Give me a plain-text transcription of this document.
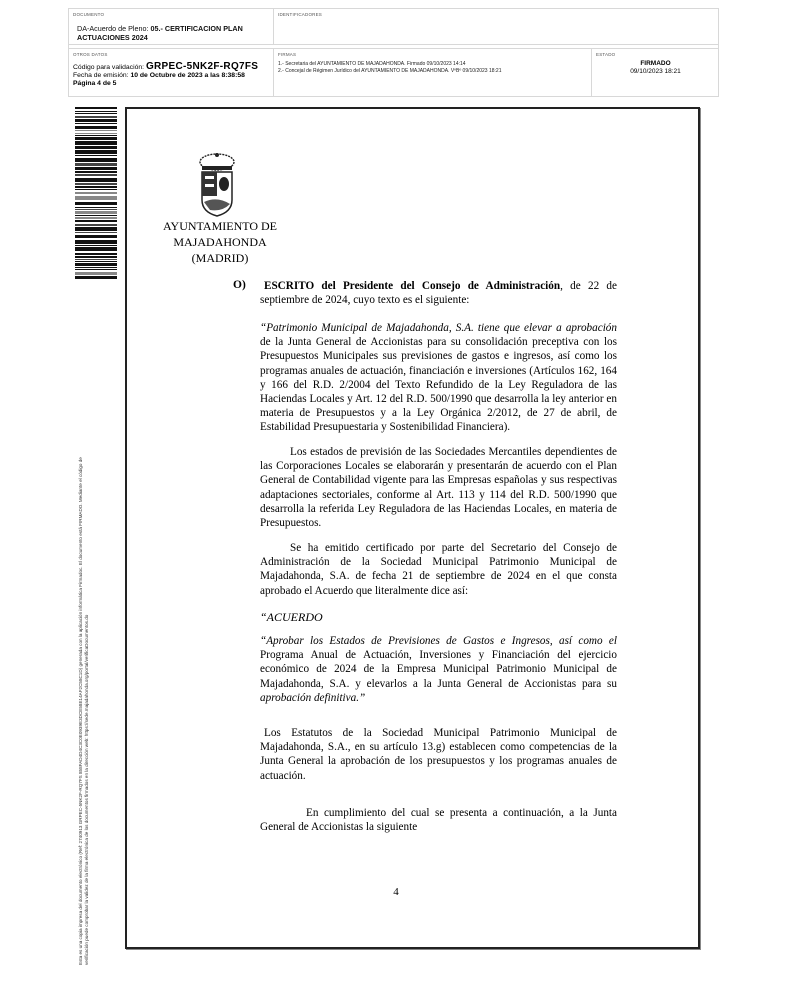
DOCUMENTO
DA-Acuerdo de Pleno: 05.- CERTIFICACION PLAN ACTUACIONES 2024
IDENTIFICADORES
OTROS DATOS
Código para validación: GRPEC-5NK2F-RQ7FS
Fecha de emisión: 10 de Octubre de 2023 a las 8:38:58
Página 4 de 5
FIRMAS
1.- Secretaria del AYUNTAMIENTO DE MAJADAHONDA. Firmado 09/10/2023 14:14
2.- Concejal de Régimen Jurídico del AYUNTAMIENTO DE MAJADAHONDA. VºBº 09/10/2023 18:21
ESTADO
FIRMADO
09/10/2023 18:21
Esta es una copia impresa del documento electrónico (Ref: 2740913 GRPEC-5NK2F-RQ7FS 858FAD4D4C3C0E0939E3DCE58E14AF2C58C1D) generada con la aplicación informática Firmadoc. El documento está FIRMADO. Mediante el código de verificación puede comprobar la validez de la firma electrónica de los documentos firmados en la dirección web: https://sede.majadahonda.org/portal/verificaDocumentos.do
AYUNTAMIENTO DE
MAJADAHONDA
(MADRID)
O)	ESCRITO del Presidente del Consejo de Administración, de 22 de septiembre de 2024, cuyo texto es el siguiente:
“Patrimonio Municipal de Majadahonda, S.A. tiene que elevar a aprobación de la Junta General de Accionistas para su consolidación preceptiva con los Presupuestos Municipales sus previsiones de gastos e ingresos, así como los programas anuales de actuación, financiación e inversiones (Artículos 162, 164 y 166 del R.D. 2/2004 del Texto Refundido de la Ley Reguladora de las Haciendas Locales y Art. 12 del R.D. 500/1990 que desarrolla la ley anterior en materia de Presupuestos y a la Ley Orgánica 2/2012, de 27 de abril, de Estabilidad Presupuestaria y Sostenibilidad Financiera).
Los estados de previsión de las Sociedades Mercantiles dependientes de las Corporaciones Locales se elaborarán y presentarán de acuerdo con el Plan General de Contabilidad vigente para las Empresas españolas y sus respectivas adaptaciones sectoriales, conforme al Art. 113 y 114 del R.D. 500/1990 que desarrolla la referida Ley Reguladora de las Haciendas Locales, en materia de Presupuestos.
Se ha emitido certificado por parte del Secretario del Consejo de Administración de la Sociedad Municipal Patrimonio Municipal de Majadahonda, S.A. de fecha 21 de septiembre de 2024 en el que consta aprobado el Acuerdo que literalmente dice así:
“ACUERDO
“Aprobar los Estados de Previsiones de Gastos e Ingresos, así como el Programa Anual de Actuación, Inversiones y Financiación del ejercicio económico de 2024 de la Empresa Municipal Patrimonio Municipal de Majadahonda, S.A. y elevarlos a la Junta General de Accionistas para su aprobación definitiva.”
Los Estatutos de la Sociedad Municipal Patrimonio Municipal de Majadahonda, S.A., en su artículo 13.g) establecen como competencias de la Junta General la aprobación de los presupuestos y los programas anuales de actuación.
En cumplimiento del cual se presenta a continuación, a la Junta General de Accionistas la siguiente
4
